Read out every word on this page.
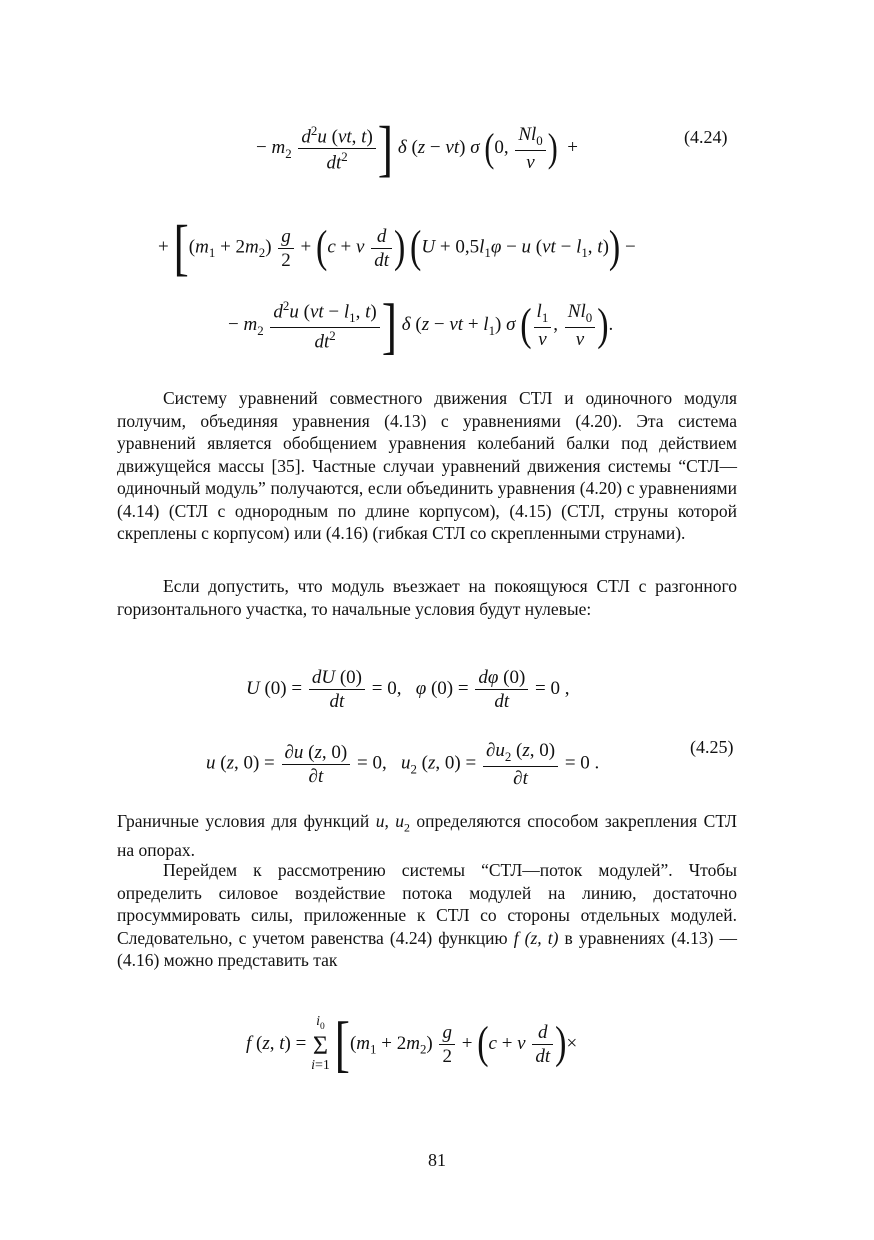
− $m_2 \frac{d^2u (vt, t)}{dt^2}$ ] δ (z − vt) σ (0, $\frac{Nl_0}{v}$ )  +
(4.24)
+ [$(m_1 + 2m_2) \frac{g}{2} + (c + v \frac{d}{dt}$ ) ($U + 0,5l_1\varphi - u$ ($vt - l_1$, t)) −
− $m_2 \frac{d^2u (vt - l_1, t)}{dt^2}$ ] δ (z − vt + $l_1$) σ ( $\frac{l_1}{v}$ , $\frac{Nl_0}{v}$ ).
Систему уравнений совместного движения СТЛ и одиночного модуля получим, объединяя уравнения (4.13) с уравнениями (4.20). Эта система уравнений является обобщением уравнения колебаний балки под действием движущейся массы [35]. Частные случаи уравнений движения системы “СТЛ—одиночный модуль” получаются, если объединить уравнения (4.20) с уравнениями (4.14) (СТЛ с однородным по длине корпусом), (4.15) (СТЛ, струны которой скреплены с корпусом) или (4.16) (гибкая СТЛ со скрепленными струнами).
Если допустить, что модуль въезжает на покоящуюся СТЛ с разгонного горизонтального участка, то начальные условия будут нулевые:
U $(0) = \frac{dU (0)}{dt} = 0$,   φ $(0) = \frac{d\varphi (0)}{dt} = 0$ ,
u (z, $0) = \frac{\partial u (z, 0)}{\partial t} = 0$,   $u_2$ (z, $0) = \frac{\partial u_2 (z, 0)}{\partial t} = 0$ .
(4.25)
Граничные условия для функций u, $u_2$ определяются способом закрепления СТЛ на опорах.
Перейдем к рассмотрению системы “СТЛ—поток модулей”. Чтобы определить силовое воздействие потока модулей на линию, достаточно просуммировать силы, приложенные к СТЛ со стороны отдельных модулей. Следовательно, с учетом равенства (4.24) функцию f (z, t) в уравнениях (4.13) — (4.16) можно представить так
f (z, t) =
$i_0$
Σ
i=1 [$(m_1 + 2m_2) \frac{g}{2} + (c + v \frac{d}{dt}$ )×
81
